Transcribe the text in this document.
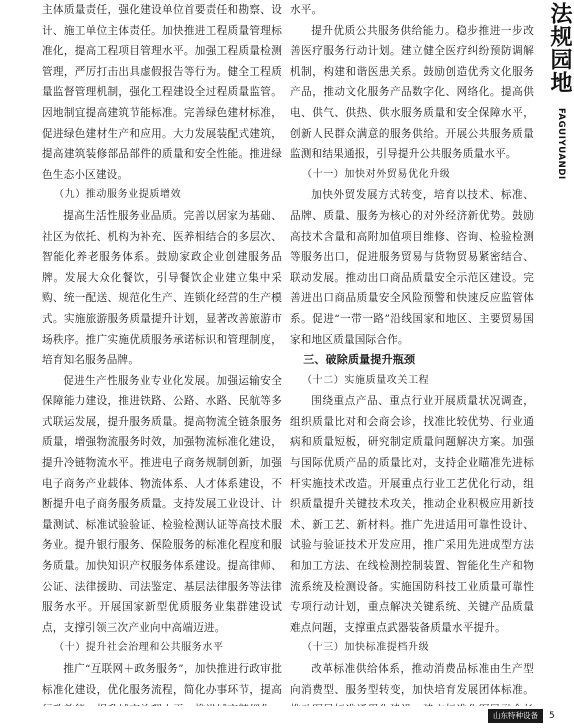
主体质量责任，强化建设单位首要责任和勘察、设计、施工单位主体责任。加快推进工程质量管理标准化，提高工程项目管理水平。加强工程质量检测管理，严厉打击出具虚假报告等行为。健全工程质量监督管理机制，强化工程建设全过程质量监管。因地制宜提高建筑节能标准。完善绿色建材标准，促进绿色建材生产和应用。大力发展装配式建筑，提高建筑装修部品部件的质量和安全性能。推进绿色生态小区建设。

（九）推动服务业提质增效

提高生活性服务业品质。完善以居家为基础、社区为依托、机构为补充、医养相结合的多层次、智能化养老服务体系。鼓励家政企业创建服务品牌。发展大众化餐饮，引导餐饮企业建立集中采购、统一配送、规范化生产、连锁化经营的生产模式。实施旅游服务质量提升计划，显著改善旅游市场秩序。推广实施优质服务承诺标识和管理制度，培育知名服务品牌。

促进生产性服务业专业化发展。加强运输安全保障能力建设，推进铁路、公路、水路、民航等多式联运发展，提升服务质量。提高物流全链条服务质量，增强物流服务时效，加强物流标准化建设，提升冷链物流水平。推进电子商务规制创新，加强电子商务产业载体、物流体系、人才体系建设，不断提升电子商务服务质量。支持发展工业设计、计量测试、标准试验验证、检验检测认证等高技术服务业。提升银行服务、保险服务的标准化程度和服务质量。加快知识产权服务体系建设。提高律师、公证、法律援助、司法鉴定、基层法律服务等法律服务水平。开展国家新型优质服务业集群建设试点，支撑引领三次产业向中高端迈进。

（十）提升社会治理和公共服务水平

推广“互联网＋政务服务”，加快推进行政审批标准化建设，优化服务流程，简化办事环节，提高

水平。

提升优质公共服务供给能力。稳步推进一步改善医疗服务行动计划。建立健全医疗纠纷预防调解机制，构建和谐医患关系。鼓励创造优秀文化服务产品，推动文化服务产品数字化、网络化。提高供电、供气、供热、供水服务质量和安全保障水平，创新人民群众满意的服务供给。开展公共服务质量监测和结果通报，引导提升公共服务质量水平。

（十一）加快对外贸易优化升级

加快外贸发展方式转变，培育以技术、标准、品牌、质量、服务为核心的对外经济新优势。鼓励高技术含量和高附加值项目维修、咨询、检验检测等服务出口，促进服务贸易与货物贸易紧密结合、联动发展。推动出口商品质量安全示范区建设。完善进出口商品质量安全风险预警和快速反应监管体系。促进“一带一路”沿线国家和地区、主要贸易国家和地区质量国际合作。

三、破除质量提升瓶颈

（十二）实施质量攻关工程

围绕重点产品、重点行业开展质量状况调查，组织质量比对和会商会诊，找准比较优势、行业通病和质量短板，研究制定质量问题解决方案。加强与国际优质产品的质量比对，支持企业瞄准先进标杆实施技术改造。开展重点行业工艺优化行动，组织质量提升关键技术攻关，推动企业积极应用新技术、新工艺、新材料。推广先进适用可靠性设计、试验与验证技术开发应用，推广采用先进成型方法和加工方法、在线检测控制装置、智能化生产和物流系统及检测设备。实施国防科技工业质量可靠性专项行动计划，重点解决关键系统、关键产品质量难点问题，支撑重点武器装备质量水平提升。

（十三）加快标准提档升级

改革标准供给体系，推动消费品标准由生产型向消费型、服务型转变，加快培育发展团体标准。

法规园地
FAGUIYUANDI
山东特种设备	5
